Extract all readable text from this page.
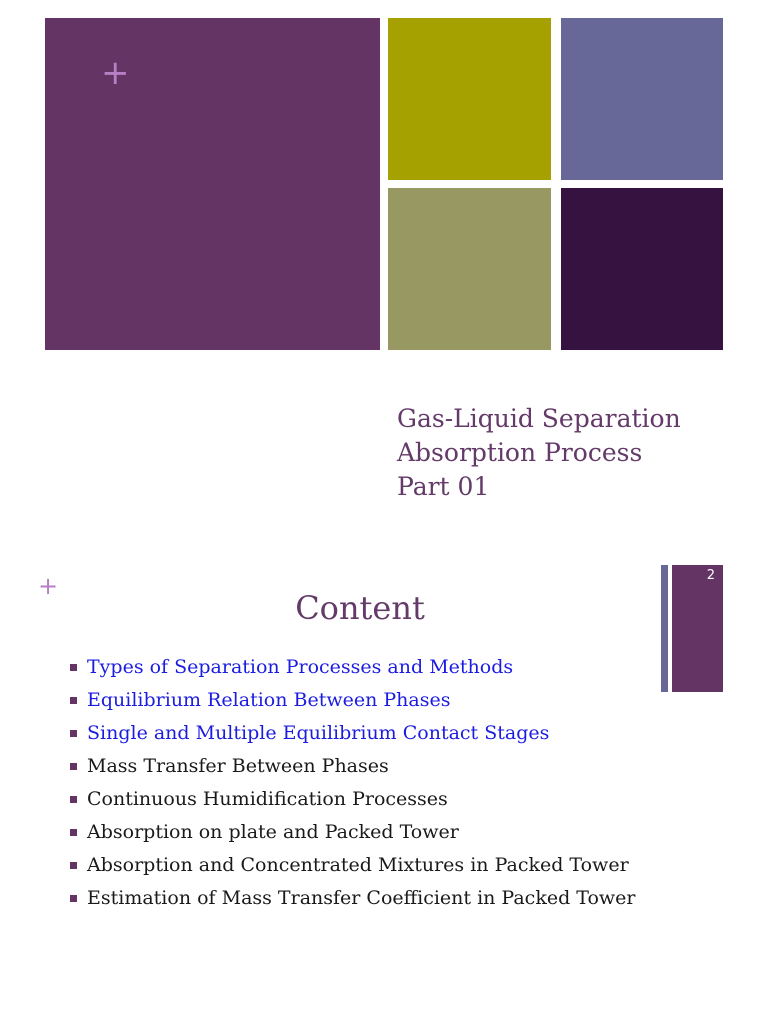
+
Gas-Liquid Separation
Absorption Process
Part 01
+	2
Content
Types of Separation Processes and Methods
Equilibrium Relation Between Phases
Single and Multiple Equilibrium Contact Stages
Mass Transfer Between Phases
Continuous Humidification Processes
Absorption on plate and Packed Tower
Absorption and Concentrated Mixtures in Packed Tower
Estimation of Mass Transfer Coefficient in Packed Tower
